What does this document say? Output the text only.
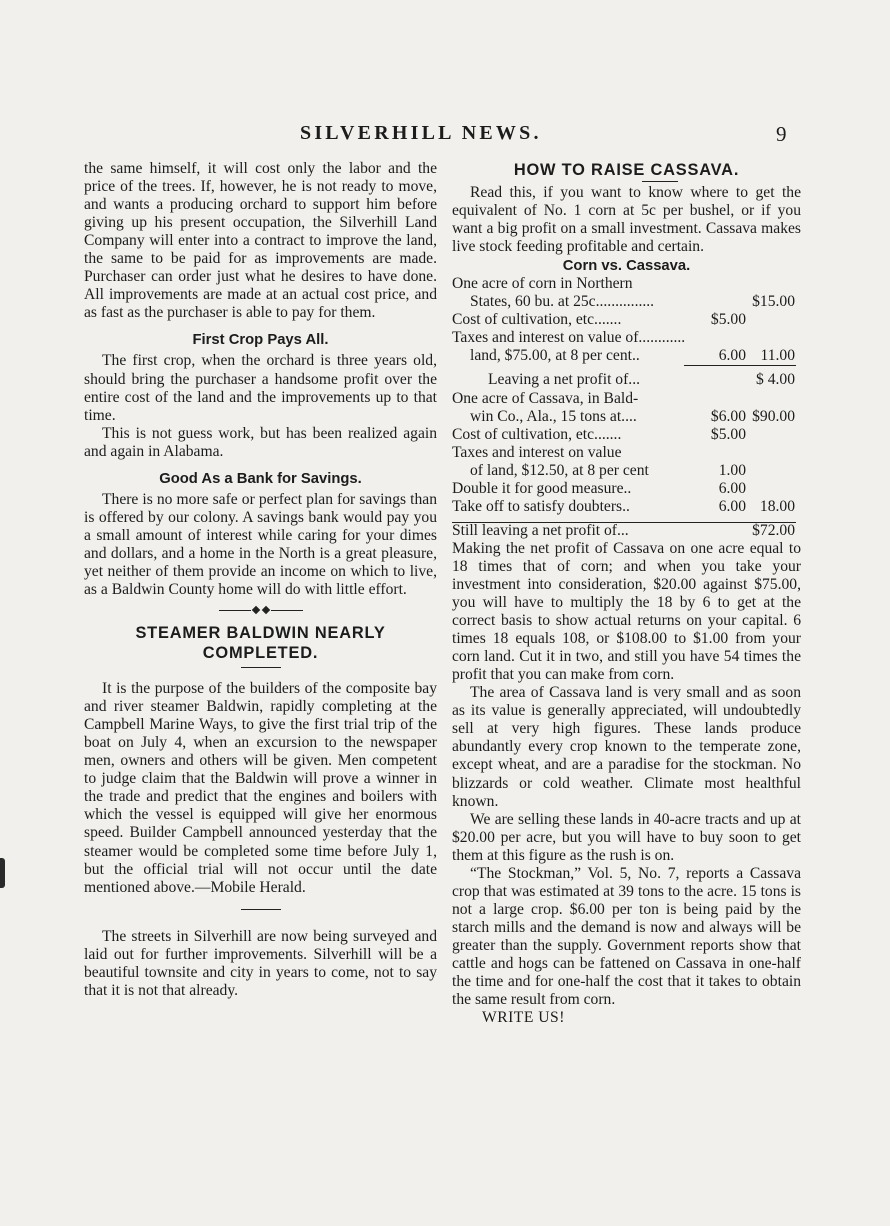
SILVERHILL NEWS.	9

the same himself, it will cost only the labor and the price of the trees. If, however, he is not ready to move, and wants a producing orchard to support him before giving up his present occupation, the Silverhill Land Company will enter into a contract to improve the land, the same to be paid for as improvements are made. Purchaser can order just what he desires to have done. All improvements are made at an actual cost price, and as fast as the purchaser is able to pay for them.

First Crop Pays All.

The first crop, when the orchard is three years old, should bring the purchaser a handsome profit over the entire cost of the land and the improvements up to that time.

This is not guess work, but has been realized again and again in Alabama.

Good As a Bank for Savings.

There is no more safe or perfect plan for savings than is offered by our colony. A savings bank would pay you a small amount of interest while caring for your dimes and dollars, and a home in the North is a great pleasure, yet neither of them provide an income on which to live, as a Baldwin County home will do with little effort.

STEAMER BALDWIN NEARLY COMPLETED.

It is the purpose of the builders of the composite bay and river steamer Baldwin, rapidly completing at the Campbell Marine Ways, to give the first trial trip of the boat on July 4, when an excursion to the newspaper men, owners and others will be given. Men competent to judge claim that the Baldwin will prove a winner in the trade and predict that the engines and boilers with which the vessel is equipped will give her enormous speed. Builder Campbell announced yesterday that the steamer would be completed some time before July 1, but the official trial will not occur until the date mentioned above.—Mobile Herald.

The streets in Silverhill are now being surveyed and laid out for further improvements. Silverhill will be a beautiful townsite and city in years to come, not to say that it is not that already.

HOW TO RAISE CASSAVA.

Read this, if you want to know where to get the equivalent of No. 1 corn at 5c per bushel, or if you want a big profit on a small investment. Cassava makes live stock feeding profitable and certain.

Corn vs. Cassava.

One acre of corn in Northern
States, 60 bu. at 25c...............	$15.00
Cost of cultivation, etc.......	$5.00
Taxes and interest on value of............
land, $75.00, at 8 per cent..	6.00 11.00
Leaving a net profit of...	$ 4.00
One acre of Cassava, in Bald-
win Co., Ala., 15 tons at....	$6.00 $90.00
Cost of cultivation, etc.......	$5.00
Taxes and interest on value
of land, $12.50, at 8 per cent	1.00
Double it for good measure..	6.00
Take off to satisfy doubters..	6.00 18.00
Still leaving a net profit of...	$72.00

Making the net profit of Cassava on one acre equal to 18 times that of corn; and when you take your investment into consideration, $20.00 against $75.00, you will have to multiply the 18 by 6 to get at the correct basis to show actual returns on your capital. 6 times 18 equals 108, or $108.00 to $1.00 from your corn land. Cut it in two, and still you have 54 times the profit that you can make from corn.

The area of Cassava land is very small and as soon as its value is generally appreciated, will undoubtedly sell at very high figures. These lands produce abundantly every crop known to the temperate zone, except wheat, and are a paradise for the stockman. No blizzards or cold weather. Climate most healthful known.

We are selling these lands in 40-acre tracts and up at $20.00 per acre, but you will have to buy soon to get them at this figure as the rush is on.

“The Stockman,” Vol. 5, No. 7, reports a Cassava crop that was estimated at 39 tons to the acre. 15 tons is not a large crop. $6.00 per ton is being paid by the starch mills and the demand is now and always will be greater than the supply. Government reports show that cattle and hogs can be fattened on Cassava in one-half the time and for one-half the cost that it takes to obtain the same result from corn.

WRITE US!
